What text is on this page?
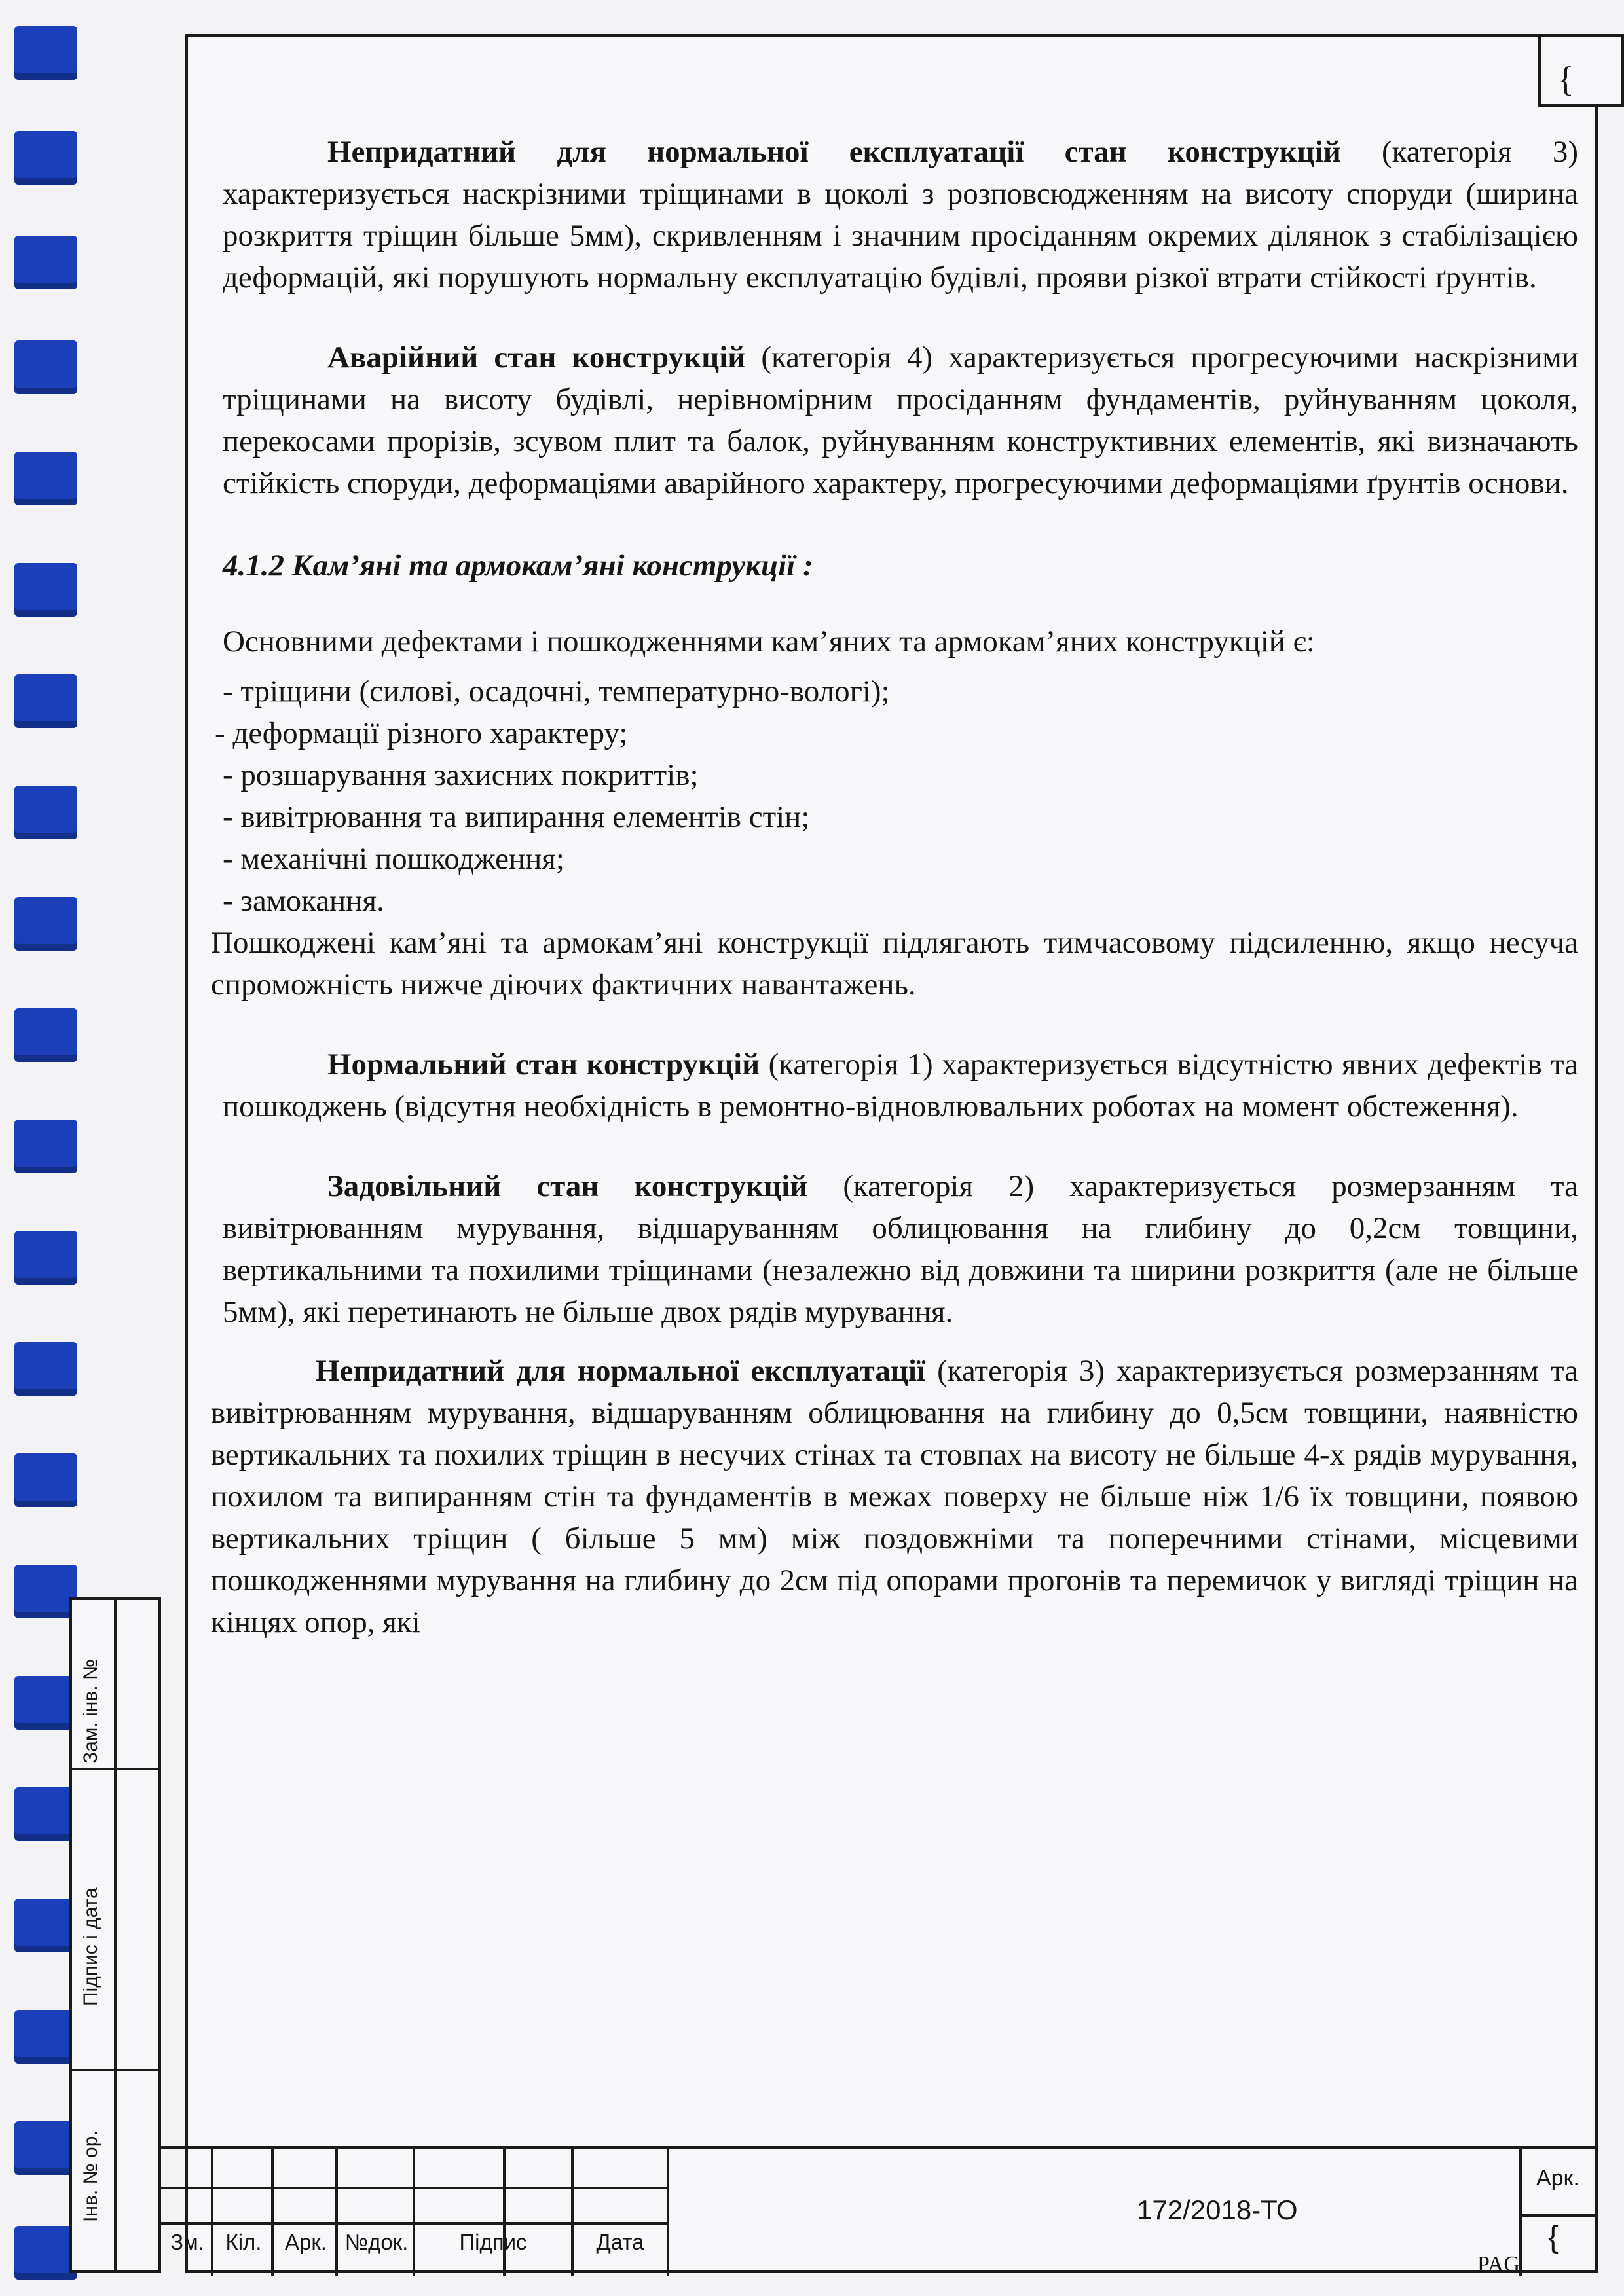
{

Непридатний для нормальної експлуатації стан конструкцій (категорія 3) характеризується наскрізними тріщинами в цоколі з розповсюдженням на висоту споруди (ширина розкриття тріщин більше 5мм), скривленням і значним просіданням окремих ділянок з стабілізацією деформацій, які порушують нормальну експлуатацію будівлі, прояви різкої втрати стійкості ґрунтів.

Аварійний стан конструкцій (категорія 4) характеризується прогресуючими наскрізними тріщинами на висоту будівлі, нерівномірним просіданням фундаментів, руйнуванням цоколя, перекосами прорізів, зсувом плит та балок, руйнуванням конструктивних елементів, які визначають стійкість споруди, деформаціями аварійного характеру, прогресуючими деформаціями ґрунтів основи.

4.1.2 Кам’яні та армокам’яні конструкції :

Основними дефектами і пошкодженнями кам’яних та армокам’яних конструкцій є:

- тріщини (силові, осадочні, температурно-вологі);
- деформації різного характеру;
- розшарування захисних покриттів;
- вивітрювання та випирання елементів стін;
- механічні пошкодження;
- замокання.

Пошкоджені кам’яні та армокам’яні конструкції підлягають тимчасовому підсиленню, якщо несуча спроможність нижче діючих фактичних навантажень.

Нормальний стан конструкцій (категорія 1) характеризується відсутністю явних дефектів та пошкоджень (відсутня необхідність в ремонтно-відновлювальних роботах на момент обстеження).

Задовільний стан конструкцій (категорія 2) характеризується розмерзанням та вивітрюванням мурування, відшаруванням облицювання на глибину до 0,2см товщини, вертикальними та похилими тріщинами (незалежно від довжини та ширини розкриття (але не більше 5мм), які перетинають не більше двох рядів мурування.

Непридатний для нормальної експлуатації (категорія 3) характеризується розмерзанням та вивітрюванням мурування, відшаруванням облицювання на глибину до 0,5см товщини, наявністю вертикальних та похилих тріщин в несучих стінах та стовпах на висоту не більше 4-х рядів мурування, похилом та випиранням стін та фундаментів в межах поверху не більше ніж 1/6 їх товщини, появою вертикальних тріщин ( більше 5 мм) між поздовжніми та поперечними стінами, місцевими пошкодженнями мурування на глибину до 2см під опорами прогонів та перемичок у вигляді тріщин на кінцях опор, які

Зам. інв. №
Підпис і дата
Інв. № ор.
Зм. Кіл.	Арк. №док.	Підпис	Дата
172/2018-ТО
Арк.
{
PAG
